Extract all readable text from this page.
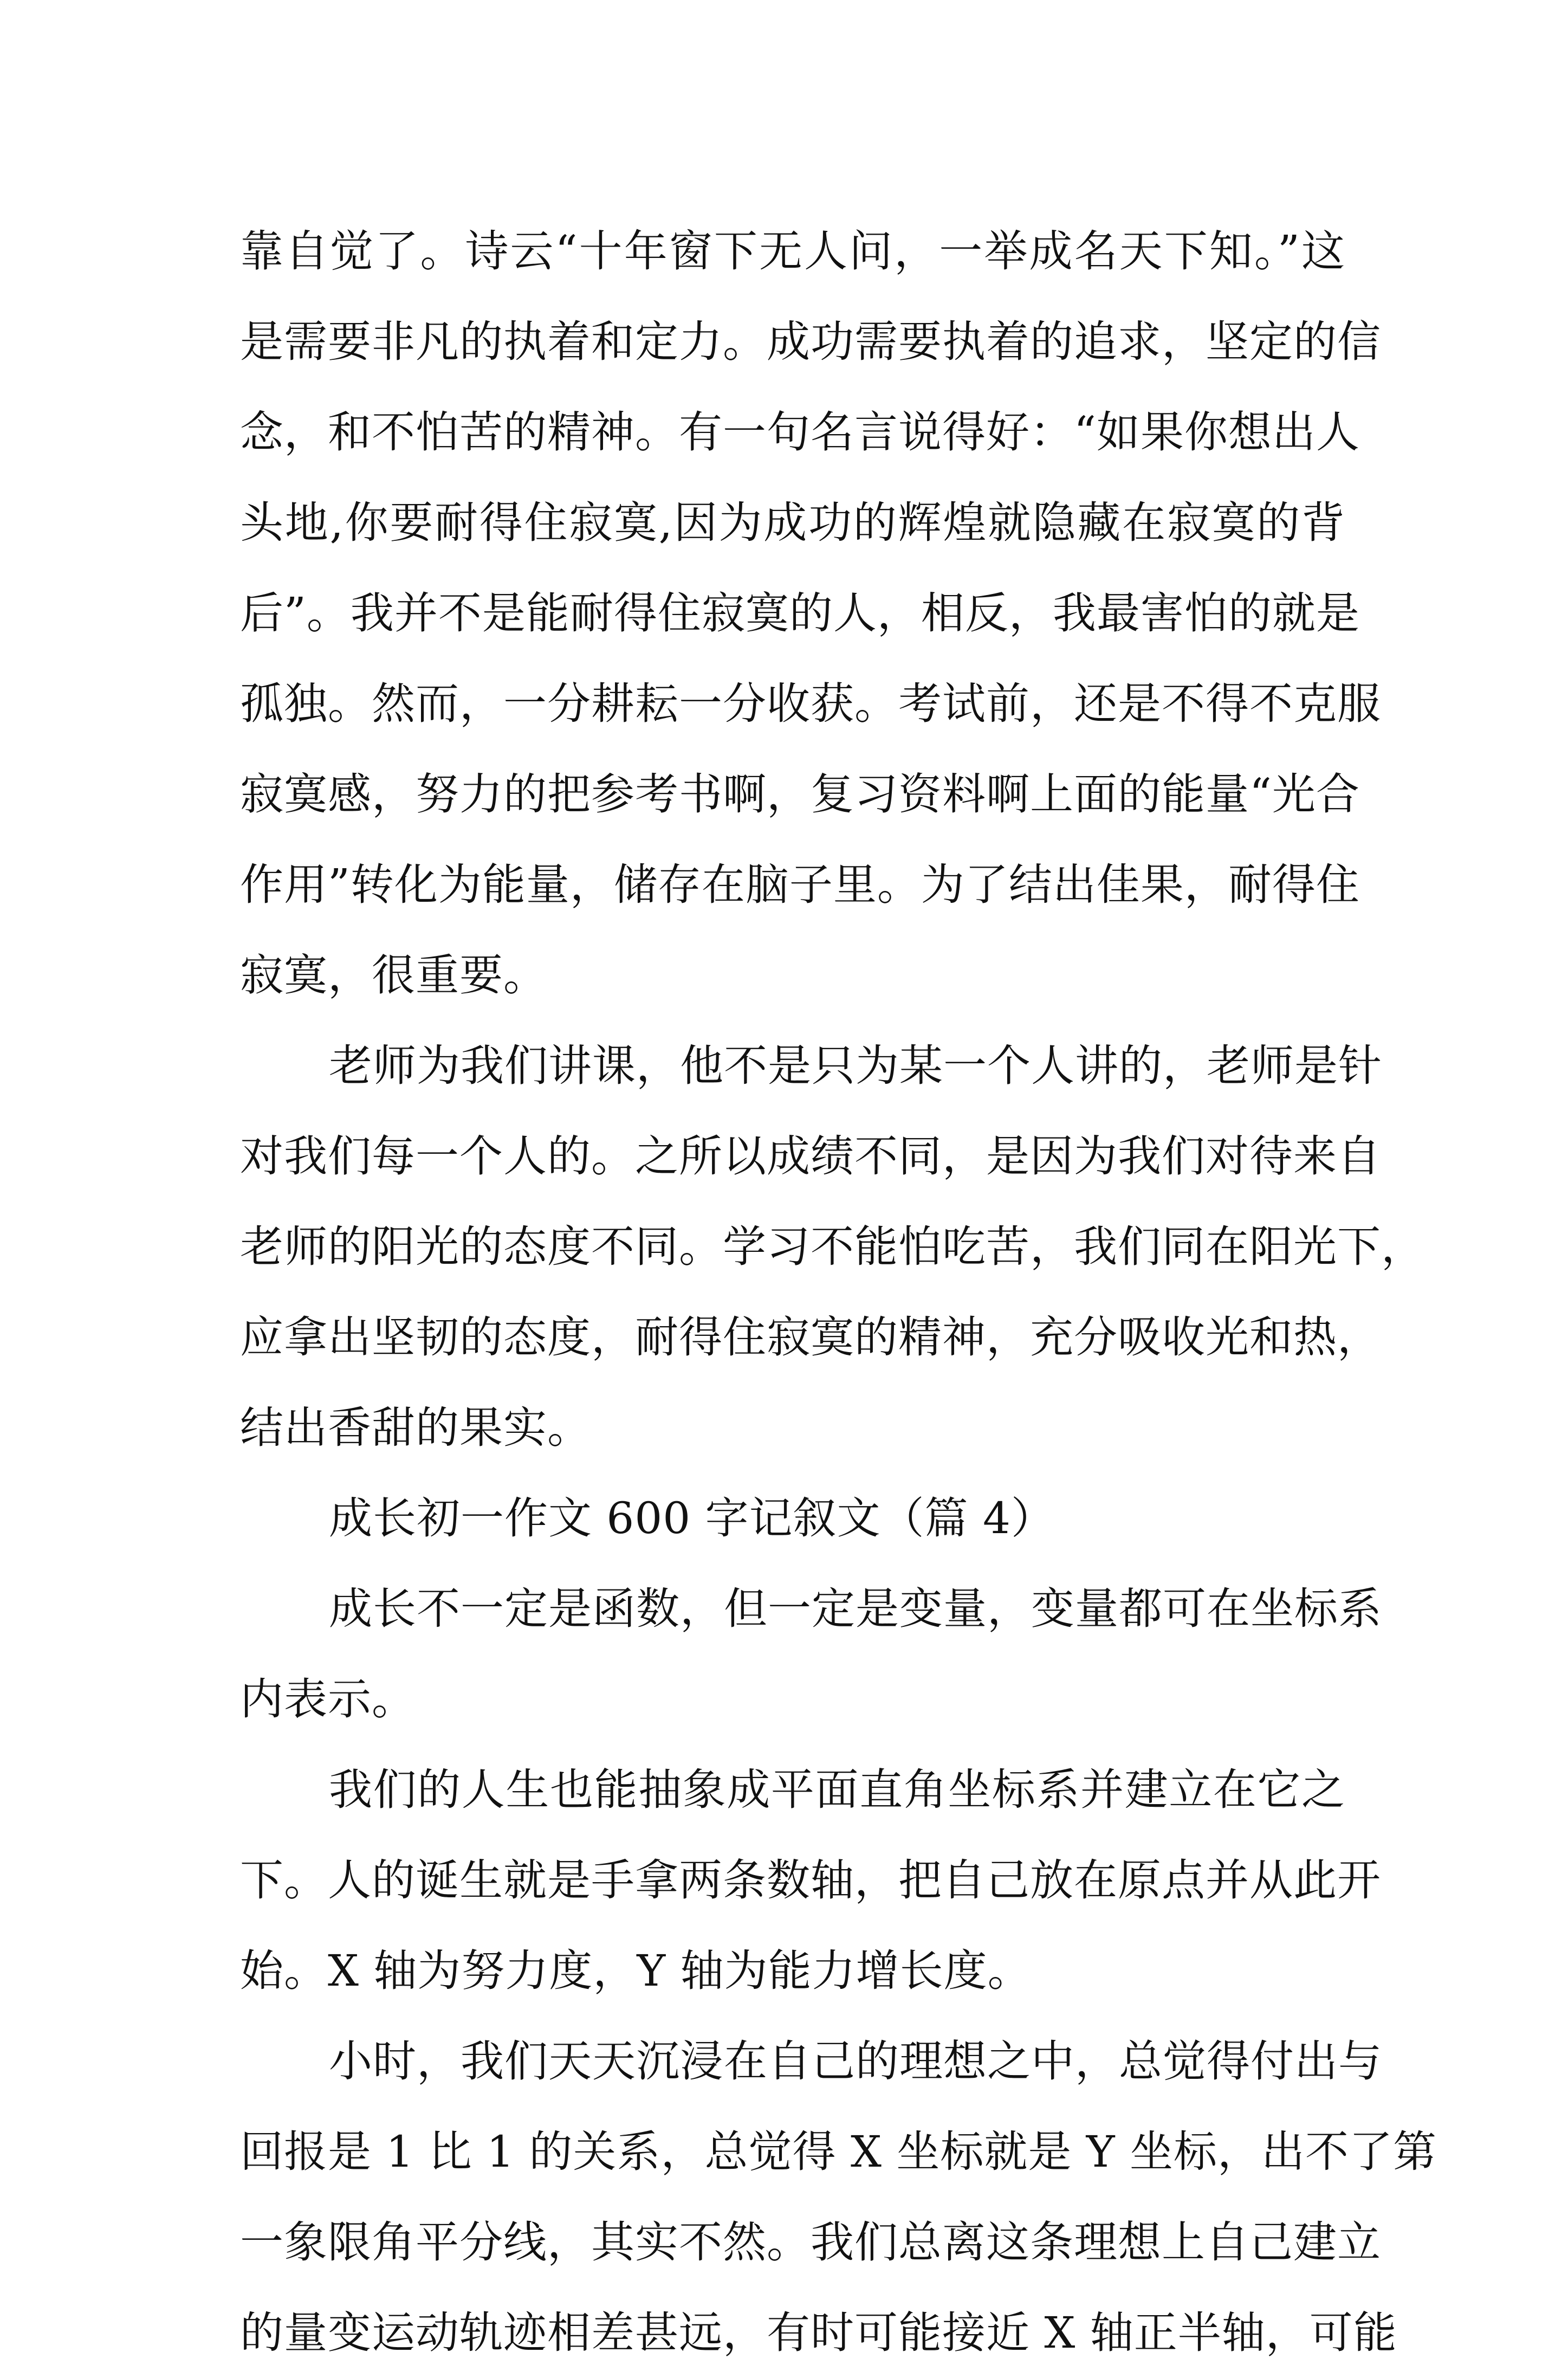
靠自觉了。诗云“十年窗下无人问，一举成名天下知。”这
是需要非凡的执着和定力。成功需要执着的追求，坚定的信
念，和不怕苦的精神。有一句名言说得好：“如果你想出人
头地,你要耐得住寂寞,因为成功的辉煌就隐藏在寂寞的背
后”。我并不是能耐得住寂寞的人，相反，我最害怕的就是
孤独。然而，一分耕耘一分收获。考试前，还是不得不克服
寂寞感，努力的把参考书啊，复习资料啊上面的能量“光合
作用”转化为能量，储存在脑子里。为了结出佳果，耐得住
寂寞，很重要。
老师为我们讲课，他不是只为某一个人讲的，老师是针
对我们每一个人的。之所以成绩不同，是因为我们对待来自
老师的阳光的态度不同。学习不能怕吃苦，我们同在阳光下，
应拿出坚韧的态度，耐得住寂寞的精神，充分吸收光和热，
结出香甜的果实。
成长初一作文 600 字记叙文（篇 4）
成长不一定是函数，但一定是变量，变量都可在坐标系
内表示。
我们的人生也能抽象成平面直角坐标系并建立在它之
下。人的诞生就是手拿两条数轴，把自己放在原点并从此开
始。X 轴为努力度，Y 轴为能力增长度。
小时，我们天天沉浸在自己的理想之中，总觉得付出与
回报是 1 比 1 的关系，总觉得 X 坐标就是 Y 坐标，出不了第
一象限角平分线，其实不然。我们总离这条理想上自己建立
的量变运动轨迹相差甚远，有时可能接近 X 轴正半轴，可能
